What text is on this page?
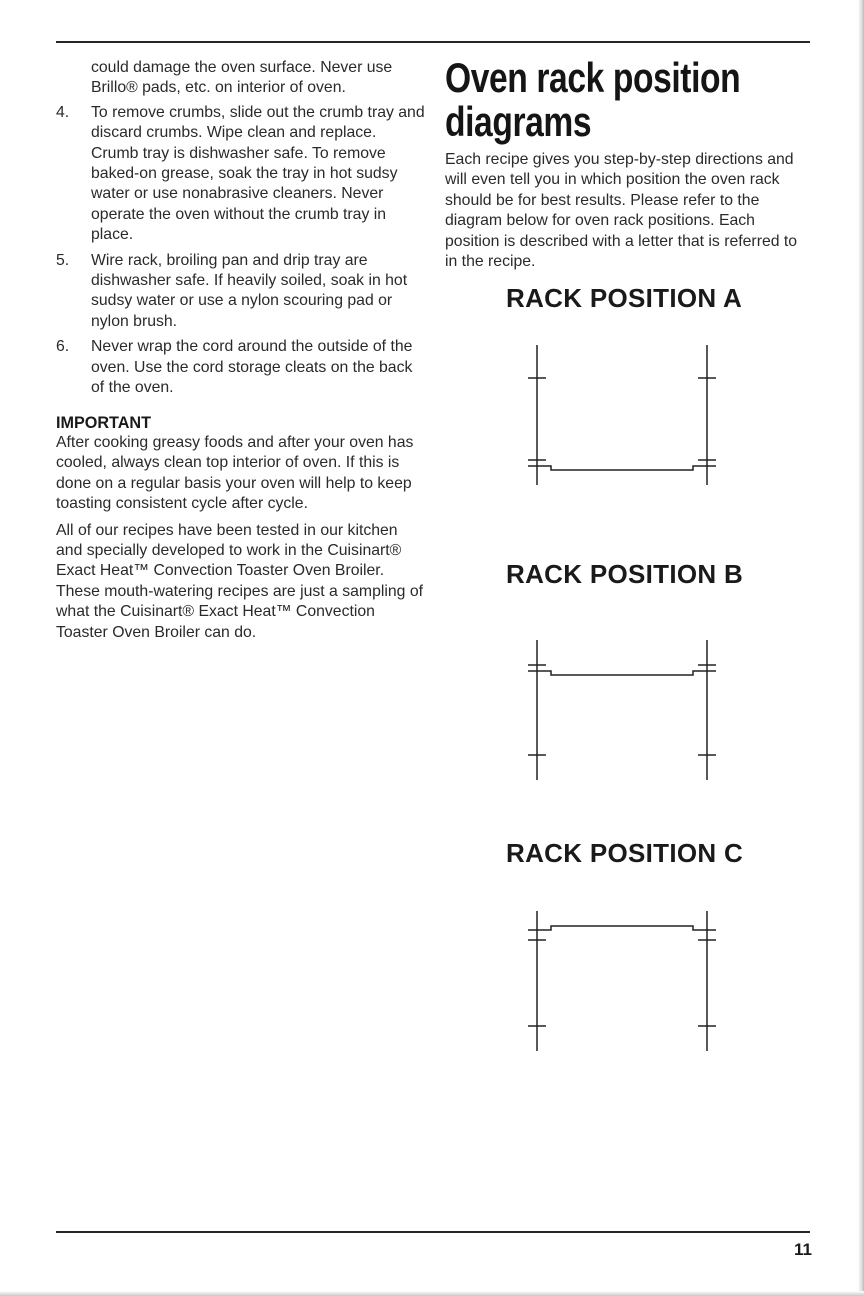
could damage the oven surface. Never use Brillo® pads, etc. on interior of oven.
4.	To remove crumbs, slide out the crumb tray and discard crumbs. Wipe clean and replace. Crumb tray is dishwasher safe. To remove baked-on grease, soak the tray in hot sudsy water or use nonabrasive cleaners. Never operate the oven without the crumb tray in place.
5.	Wire rack, broiling pan and drip tray are dishwasher safe. If heavily soiled, soak in hot sudsy water or use a nylon scouring pad or nylon brush.
6.	Never wrap the cord around the outside of the oven. Use the cord storage cleats on the back of the oven.
IMPORTANT
After cooking greasy foods and after your oven has cooled, always clean top interior of oven. If this is done on a regular basis your oven will help to keep toasting consistent cycle after cycle.
All of our recipes have been tested in our kitchen and specially developed to work in the Cuisinart® Exact Heat™ Convection Toaster Oven Broiler. These mouth-watering recipes are just a sampling of what the Cuisinart® Exact Heat™ Convection Toaster Oven Broiler can do.
Oven rack position diagrams
Each recipe gives you step-by-step directions and will even tell you in which position the oven rack should be for best results. Please refer to the diagram below for oven rack positions. Each position is described with a letter that is referred to in the recipe.
RACK POSITION A
RACK POSITION B
RACK POSITION C
11
